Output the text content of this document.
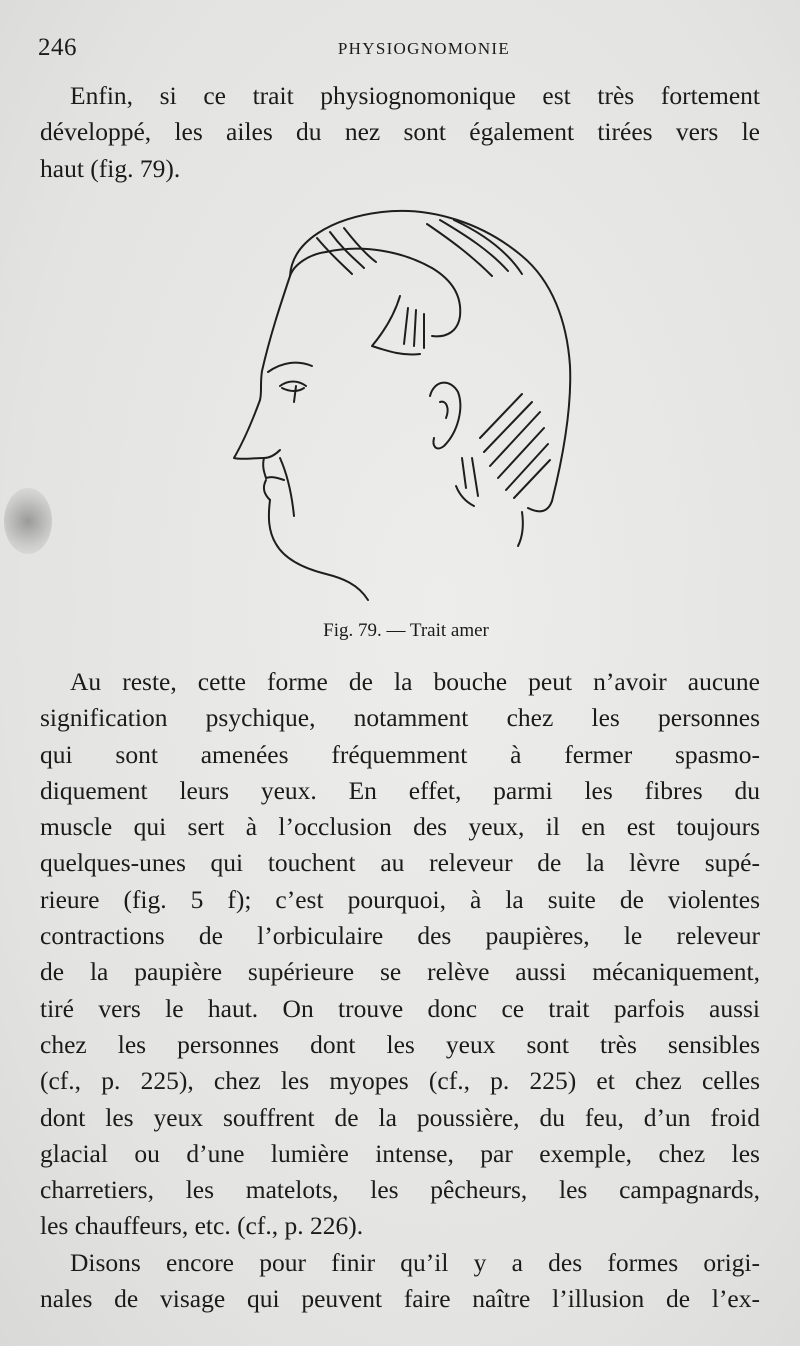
246	PHYSIOGNOMONIE
Enfin, si ce trait physiognomonique est très fortement
développé, les ailes du nez sont également tirées vers le
haut (fig. 79).
Fig. 79. — Trait amer
Au reste, cette forme de la bouche peut n’avoir aucune
signification psychique, notamment chez les personnes
qui sont amenées fréquemment à fermer spasmo-
diquement leurs yeux. En effet, parmi les fibres du
muscle qui sert à l’occlusion des yeux, il en est toujours
quelques-unes qui touchent au releveur de la lèvre supé-
rieure (fig. 5 f); c’est pourquoi, à la suite de violentes
contractions de l’orbiculaire des paupières, le releveur
de la paupière supérieure se relève aussi mécaniquement,
tiré vers le haut. On trouve donc ce trait parfois aussi
chez les personnes dont les yeux sont très sensibles
(cf., p. 225), chez les myopes (cf., p. 225) et chez celles
dont les yeux souffrent de la poussière, du feu, d’un froid
glacial ou d’une lumière intense, par exemple, chez les
charretiers, les matelots, les pêcheurs, les campagnards,
les chauffeurs, etc. (cf., p. 226).
Disons encore pour finir qu’il y a des formes origi-
nales de visage qui peuvent faire naître l’illusion de l’ex-
